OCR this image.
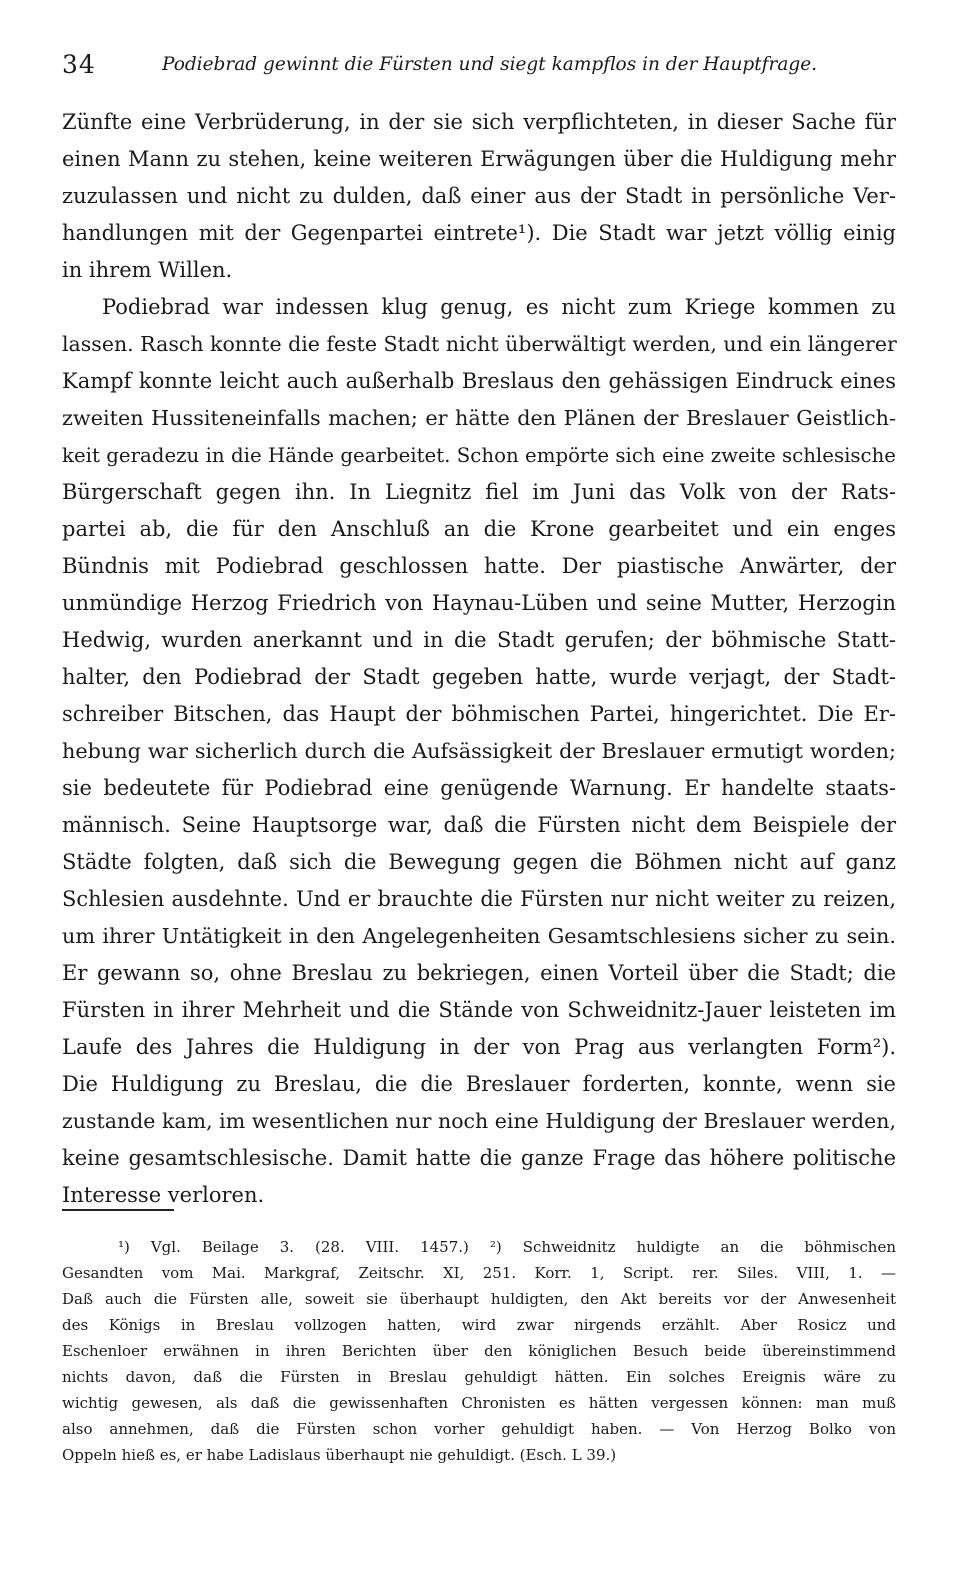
34	Podiebrad gewinnt die Fürsten und siegt kampflos in der Hauptfrage.
Zünfte eine Verbrüderung, in der sie sich verpflichteten, in dieser Sache für
einen Mann zu stehen, keine weiteren Erwägungen über die Huldigung mehr
zuzulassen und nicht zu dulden, daß einer aus der Stadt in persönliche Ver-
handlungen mit der Gegenpartei eintrete¹). Die Stadt war jetzt völlig einig
in ihrem Willen.
Podiebrad war indessen klug genug, es nicht zum Kriege kommen zu
lassen. Rasch konnte die feste Stadt nicht überwältigt werden, und ein längerer
Kampf konnte leicht auch außerhalb Breslaus den gehässigen Eindruck eines
zweiten Hussiteneinfalls machen; er hätte den Plänen der Breslauer Geistlich-
keit geradezu in die Hände gearbeitet. Schon empörte sich eine zweite schlesische
Bürgerschaft gegen ihn. In Liegnitz fiel im Juni das Volk von der Rats-
partei ab, die für den Anschluß an die Krone gearbeitet und ein enges
Bündnis mit Podiebrad geschlossen hatte. Der piastische Anwärter, der
unmündige Herzog Friedrich von Haynau-Lüben und seine Mutter, Herzogin
Hedwig, wurden anerkannt und in die Stadt gerufen; der böhmische Statt-
halter, den Podiebrad der Stadt gegeben hatte, wurde verjagt, der Stadt-
schreiber Bitschen, das Haupt der böhmischen Partei, hingerichtet. Die Er-
hebung war sicherlich durch die Aufsässigkeit der Breslauer ermutigt worden;
sie bedeutete für Podiebrad eine genügende Warnung. Er handelte staats-
männisch. Seine Hauptsorge war, daß die Fürsten nicht dem Beispiele der
Städte folgten, daß sich die Bewegung gegen die Böhmen nicht auf ganz
Schlesien ausdehnte. Und er brauchte die Fürsten nur nicht weiter zu reizen,
um ihrer Untätigkeit in den Angelegenheiten Gesamtschlesiens sicher zu sein.
Er gewann so, ohne Breslau zu bekriegen, einen Vorteil über die Stadt; die
Fürsten in ihrer Mehrheit und die Stände von Schweidnitz-Jauer leisteten im
Laufe des Jahres die Huldigung in der von Prag aus verlangten Form²).
Die Huldigung zu Breslau, die die Breslauer forderten, konnte, wenn sie
zustande kam, im wesentlichen nur noch eine Huldigung der Breslauer werden,
keine gesamtschlesische. Damit hatte die ganze Frage das höhere politische
Interesse verloren.
¹) Vgl. Beilage 3. (28. VIII. 1457.) ²) Schweidnitz huldigte an die böhmischen
Gesandten vom Mai. Markgraf, Zeitschr. XI, 251. Korr. 1, Script. rer. Siles. VIII, 1. —
Daß auch die Fürsten alle, soweit sie überhaupt huldigten, den Akt bereits vor der Anwesenheit
des Königs in Breslau vollzogen hatten, wird zwar nirgends erzählt. Aber Rosicz und
Eschenloer erwähnen in ihren Berichten über den königlichen Besuch beide übereinstimmend
nichts davon, daß die Fürsten in Breslau gehuldigt hätten. Ein solches Ereignis wäre zu
wichtig gewesen, als daß die gewissenhaften Chronisten es hätten vergessen können: man muß
also annehmen, daß die Fürsten schon vorher gehuldigt haben. — Von Herzog Bolko von
Oppeln hieß es, er habe Ladislaus überhaupt nie gehuldigt. (Esch. L 39.)
